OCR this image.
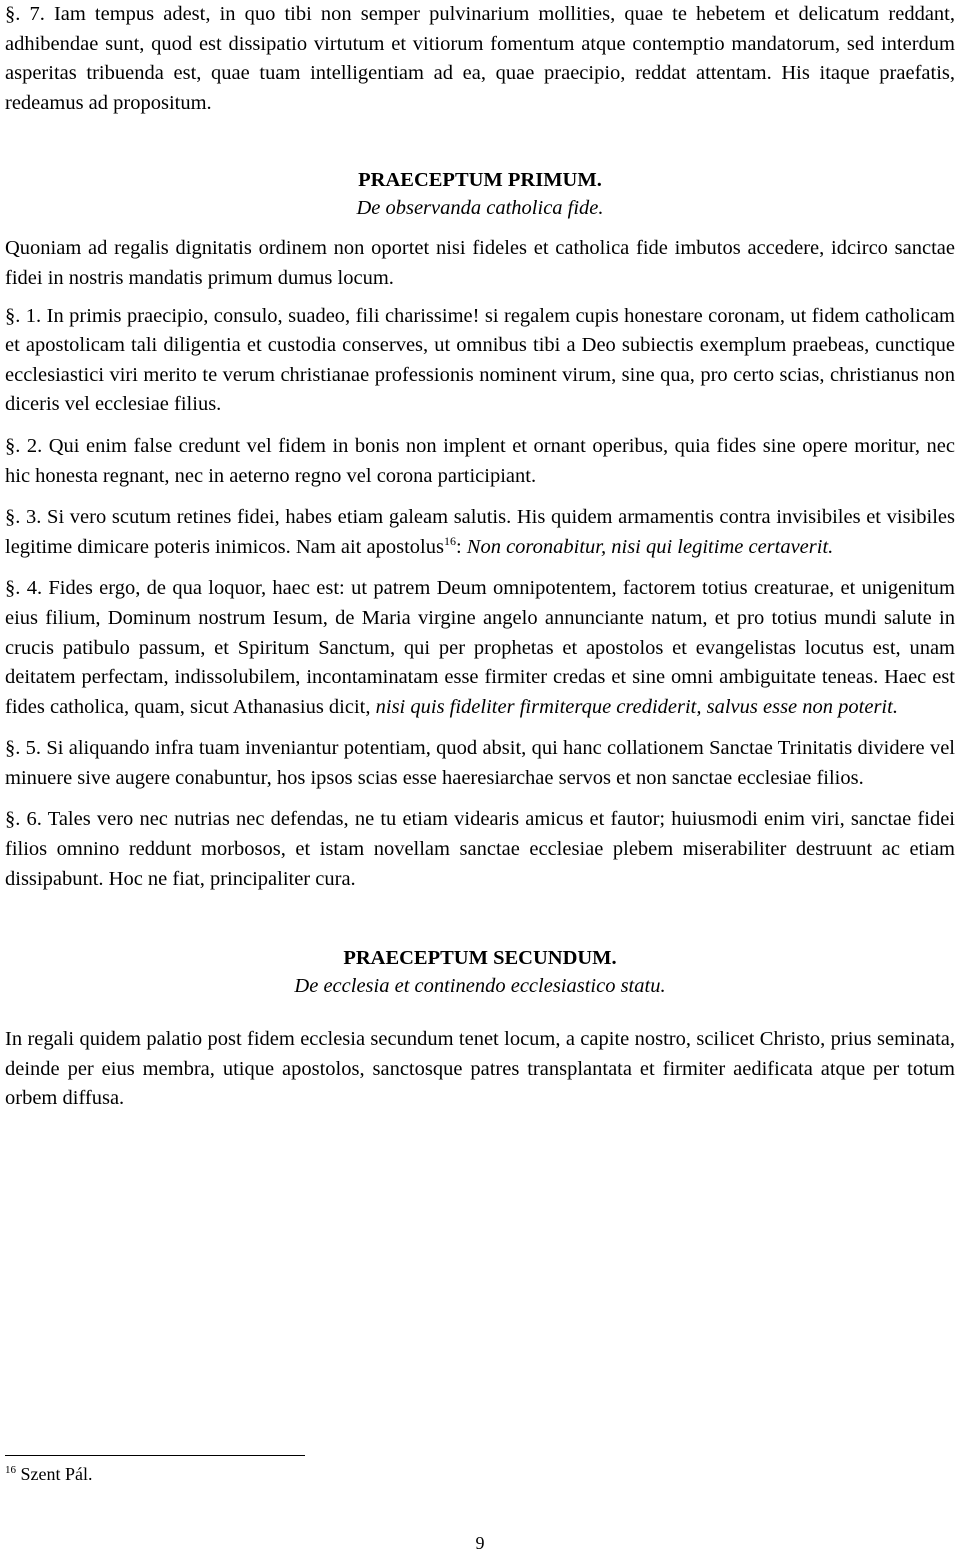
§. 7. Iam tempus adest, in quo tibi non semper pulvinarium mollities, quae te hebetem et delicatum reddant, adhibendae sunt, quod est dissipatio virtutum et vitiorum fomentum atque contemptio mandatorum, sed interdum asperitas tribuenda est, quae tuam intelligentiam ad ea, quae praecipio, reddat attentam. His itaque praefatis, redeamus ad propositum.

PRAECEPTUM PRIMUM.

De observanda catholica fide.

Quoniam ad regalis dignitatis ordinem non oportet nisi fideles et catholica fide imbutos accedere, idcirco sanctae fidei in nostris mandatis primum dumus locum.

§. 1. In primis praecipio, consulo, suadeo, fili charissime! si regalem cupis honestare coronam, ut fidem catholicam et apostolicam tali diligentia et custodia conserves, ut omnibus tibi a Deo subiectis exemplum praebeas, cunctique ecclesiastici viri merito te verum christianae professionis nominent virum, sine qua, pro certo scias, christianus non diceris vel ecclesiae filius.

§. 2. Qui enim false credunt vel fidem in bonis non implent et ornant operibus, quia fides sine opere moritur, nec hic honesta regnant, nec in aeterno regno vel corona participiant.

§. 3. Si vero scutum retines fidei, habes etiam galeam salutis. His quidem armamentis contra invisibiles et visibiles legitime dimicare poteris inimicos. Nam ait apostolus$^{16}$: Non coronabitur, nisi qui legitime certaverit.

§. 4. Fides ergo, de qua loquor, haec est: ut patrem Deum omnipotentem, factorem totius creaturae, et unigenitum eius filium, Dominum nostrum Iesum, de Maria virgine angelo annunciante natum, et pro totius mundi salute in crucis patibulo passum, et Spiritum Sanctum, qui per prophetas et apostolos et evangelistas locutus est, unam deitatem perfectam, indissolubilem, incontaminatam esse firmiter credas et sine omni ambiguitate teneas. Haec est fides catholica, quam, sicut Athanasius dicit, nisi quis fideliter firmiterque crediderit, salvus esse non poterit.

§. 5. Si aliquando infra tuam inveniantur potentiam, quod absit, qui hanc collationem Sanctae Trinitatis dividere vel minuere sive augere conabuntur, hos ipsos scias esse haeresiarchae servos et non sanctae ecclesiae filios.

§. 6. Tales vero nec nutrias nec defendas, ne tu etiam videaris amicus et fautor; huiusmodi enim viri, sanctae fidei filios omnino reddunt morbosos, et istam novellam sanctae ecclesiae plebem miserabiliter destruunt ac etiam dissipabunt. Hoc ne fiat, principaliter cura.

PRAECEPTUM SECUNDUM.

De ecclesia et continendo ecclesiastico statu.

In regali quidem palatio post fidem ecclesia secundum tenet locum, a capite nostro, scilicet Christo, prius seminata, deinde per eius membra, utique apostolos, sanctosque patres transplantata et firmiter aedificata atque per totum orbem diffusa.

$^{16}$ Szent Pál.
9
